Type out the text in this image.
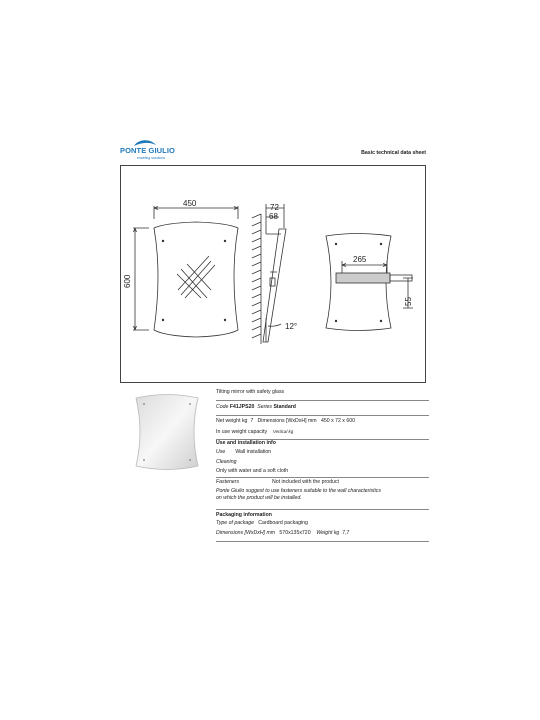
PONTE GIULIO
enabling solutions
Basic technical data sheet
450
600
72
68
12°
265
55
Tilting mirror with safety glass
Code F41JPS20 Series Standard
Net weight kg 7 Dimensions [WxDxH] mm 450 x 72 x 600
In use weight capacity Vertical kg
Use and installation info
Use Wall installation
Cleaning
Only with water and a soft cloth
Fasteners	Not included with the product
Ponte Giulio suggest to use fasteners suitable to the wall characteristics
on which the product will be installed.
Packaging information
Type of package Cardboard packaging
Dimensions [WxDxH] mm 570x135x720 Weight kg 7,7
